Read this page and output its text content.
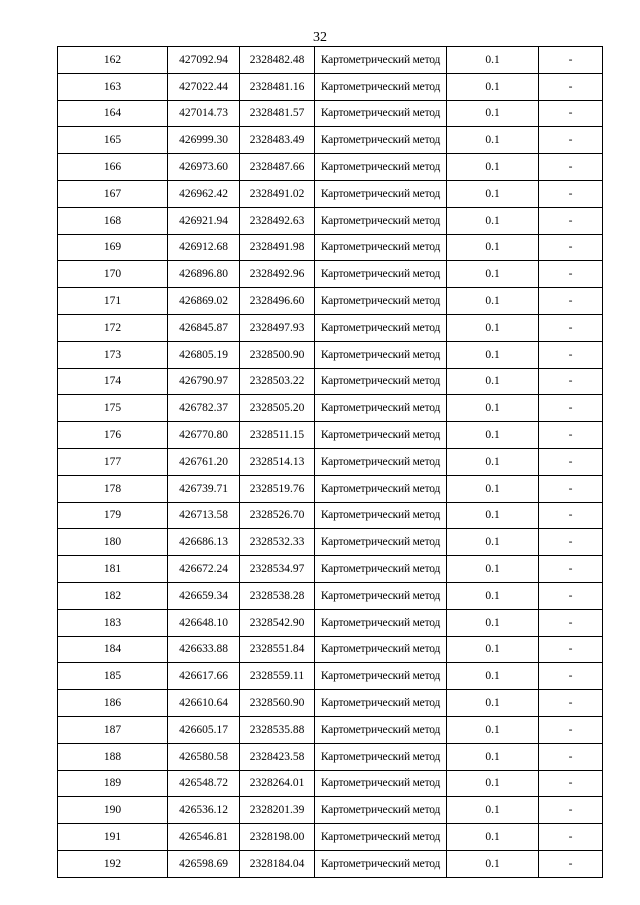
32
162	427092.94	2328482.48	Картометрический метод	0.1	-
163	427022.44	2328481.16	Картометрический метод	0.1	-
164	427014.73	2328481.57	Картометрический метод	0.1	-
165	426999.30	2328483.49	Картометрический метод	0.1	-
166	426973.60	2328487.66	Картометрический метод	0.1	-
167	426962.42	2328491.02	Картометрический метод	0.1	-
168	426921.94	2328492.63	Картометрический метод	0.1	-
169	426912.68	2328491.98	Картометрический метод	0.1	-
170	426896.80	2328492.96	Картометрический метод	0.1	-
171	426869.02	2328496.60	Картометрический метод	0.1	-
172	426845.87	2328497.93	Картометрический метод	0.1	-
173	426805.19	2328500.90	Картометрический метод	0.1	-
174	426790.97	2328503.22	Картометрический метод	0.1	-
175	426782.37	2328505.20	Картометрический метод	0.1	-
176	426770.80	2328511.15	Картометрический метод	0.1	-
177	426761.20	2328514.13	Картометрический метод	0.1	-
178	426739.71	2328519.76	Картометрический метод	0.1	-
179	426713.58	2328526.70	Картометрический метод	0.1	-
180	426686.13	2328532.33	Картометрический метод	0.1	-
181	426672.24	2328534.97	Картометрический метод	0.1	-
182	426659.34	2328538.28	Картометрический метод	0.1	-
183	426648.10	2328542.90	Картометрический метод	0.1	-
184	426633.88	2328551.84	Картометрический метод	0.1	-
185	426617.66	2328559.11	Картометрический метод	0.1	-
186	426610.64	2328560.90	Картометрический метод	0.1	-
187	426605.17	2328535.88	Картометрический метод	0.1	-
188	426580.58	2328423.58	Картометрический метод	0.1	-
189	426548.72	2328264.01	Картометрический метод	0.1	-
190	426536.12	2328201.39	Картометрический метод	0.1	-
191	426546.81	2328198.00	Картометрический метод	0.1	-
192	426598.69	2328184.04	Картометрический метод	0.1	-
